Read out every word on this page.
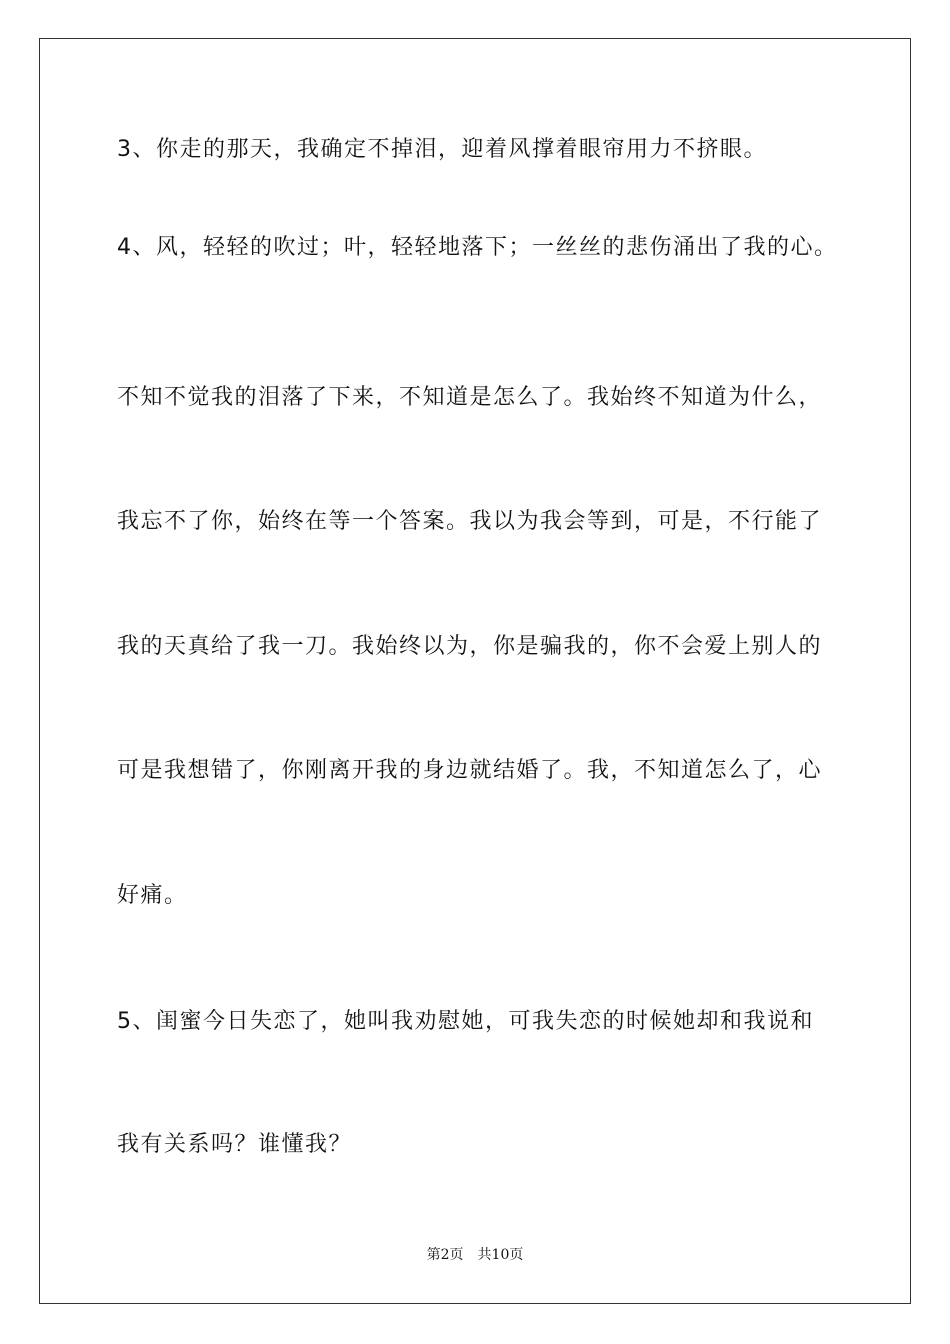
3、你走的那天，我确定不掉泪，迎着风撑着眼帘用力不挤眼。

4、风，轻轻的吹过；叶，轻轻地落下；一丝丝的悲伤涌出了我的心。

不知不觉我的泪落了下来，不知道是怎么了。我始终不知道为什么，

我忘不了你，始终在等一个答案。我以为我会等到，可是，不行能了

我的天真给了我一刀。我始终以为，你是骗我的，你不会爱上别人的

可是我想错了，你刚离开我的身边就结婚了。我，不知道怎么了，心

好痛。

5、闺蜜今日失恋了，她叫我劝慰她，可我失恋的时候她却和我说和

我有关系吗？谁懂我？

第2页　共10页
